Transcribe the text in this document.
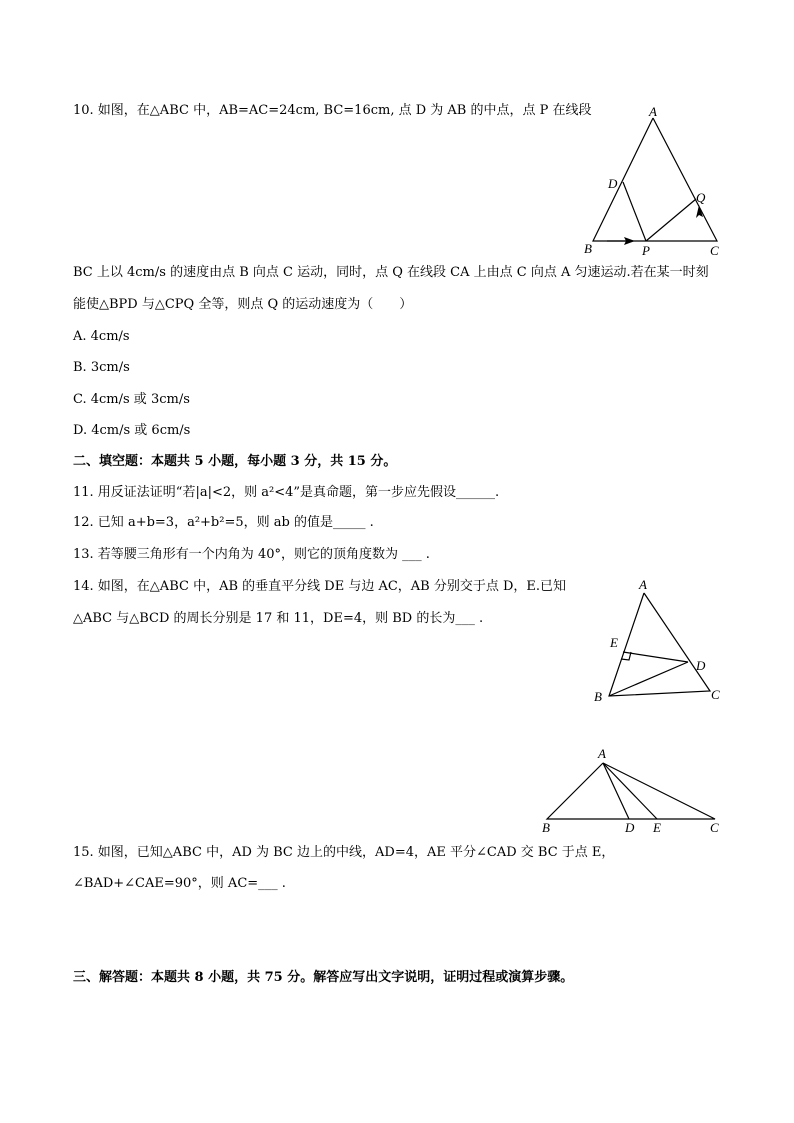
10. 如图，在△ABC 中，AB=AC=24cm, BC=16cm, 点 D 为 AB 的中点，点 P 在线段	A
D
Q
B	P	C
BC 上以 4cm/s 的速度由点 B 向点 C 运动，同时，点 Q 在线段 CA 上由点 C 向点 A 匀速运动.若在某一时刻
能使△BPD 与△CPQ 全等，则点 Q 的运动速度为（　　）
A. 4cm/s
B. 3cm/s
C. 4cm/s 或 3cm/s
D. 4cm/s 或 6cm/s
二、填空题：本题共 5 小题，每小题 3 分，共 15 分。
11. 用反证法证明“若|a|<2，则 a²<4”是真命题，第一步应先假设______.
12. 已知 a+b=3，a²+b²=5，则 ab 的值是_____ .
13. 若等腰三角形有一个内角为 40°，则它的顶角度数为 ___ .
14. 如图，在△ABC 中，AB 的垂直平分线 DE 与边 AC，AB 分别交于点 D，E.已知
△ABC 与△BCD 的周长分别是 17 和 11，DE=4，则 BD 的长为___ .
A
E
D
B	C
A
B	D E	C
15. 如图，已知△ABC 中，AD 为 BC 边上的中线，AD=4，AE 平分∠CAD 交 BC 于点 E，
∠BAD+∠CAE=90°，则 AC=___ .
三、解答题：本题共 8 小题，共 75 分。解答应写出文字说明，证明过程或演算步骤。
